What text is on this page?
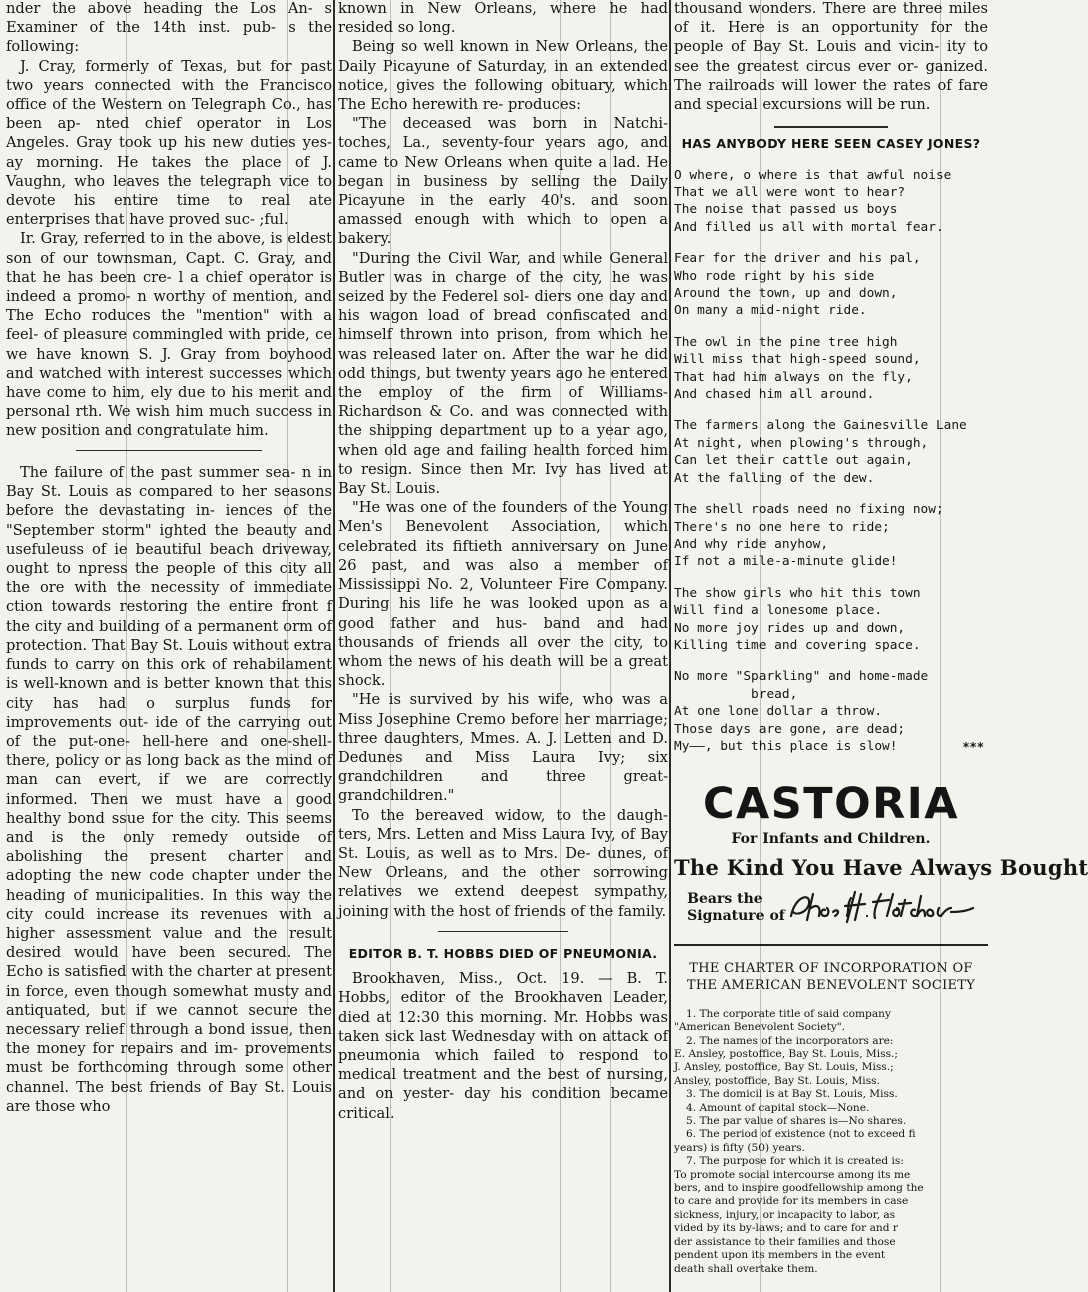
nder the above heading the Los An- s Examiner of the 14th inst. pub- s the following:

J. Cray, formerly of Texas, but for past two years connected with the Francisco office of the Western on Telegraph Co., has been ap- nted chief operator in Los Angeles. Gray took up his new duties yes- ay morning. He takes the place of J. Vaughn, who leaves the telegraph vice to devote his entire time to real ate enterprises that have proved suc- ;ful.

Ir. Gray, referred to in the above, is eldest son of our townsman, Capt. C. Gray, and that he has been cre- l a chief operator is indeed a promo- n worthy of mention, and The Echo roduces the "mention" with a feel- of pleasure commingled with pride, ce we have known S. J. Gray from boyhood and watched with interest successes which have come to him, ely due to his merit and personal rth. We wish him much success in new position and congratulate him.

The failure of the past summer sea- n in Bay St. Louis as compared to her seasons before the devastating in- iences of the "September storm" ighted the beauty and usefuleuss of ie beautiful beach driveway, ought to npress the people of this city all the ore with the necessity of immediate ction towards restoring the entire front f the city and building of a permanent orm of protection. That Bay St. Louis without extra funds to carry on this ork of rehabilament is well-known and is better known that this city has had o surplus funds for improvements out- ide of the carrying out of the put-one- hell-here and one-shell-there, policy or as long back as the mind of man can evert, if we are correctly informed. Then we must have a good healthy bond ssue for the city. This seems and is the only remedy outside of abolishing the present charter and adopting the new code chapter under the heading of municipalities. In this way the city could increase its revenues with a higher assessment value and the result desired would have been secured. The Echo is satisfied with the charter at present in force, even though somewhat musty and antiquated, but if we cannot secure the necessary relief through a bond issue, then the money for repairs and im- provements must be forthcoming through some other channel. The best friends of Bay St. Louis are those who

known in New Orleans, where he had resided so long.

Being so well known in New Orleans, the Daily Picayune of Saturday, in an extended notice, gives the following obituary, which The Echo herewith re- produces:

"The deceased was born in Natchi- toches, La., seventy-four years ago, and came to New Orleans when quite a lad. He began in business by selling the Daily Picayune in the early 40's. and soon amassed enough with which to open a bakery.

"During the Civil War, and while General Butler was in charge of the city, he was seized by the Federel sol- diers one day and his wagon load of bread confiscated and himself thrown into prison, from which he was released later on. After the war he did odd things, but twenty years ago he entered the employ of the firm of Williams- Richardson & Co. and was connected with the shipping department up to a year ago, when old age and failing health forced him to resign. Since then Mr. Ivy has lived at Bay St. Louis.

"He was one of the founders of the Young Men's Benevolent Association, which celebrated its fiftieth anniversary on June 26 past, and was also a member of Mississippi No. 2, Volunteer Fire Company. During his life he was looked upon as a good father and hus- band and had thousands of friends all over the city, to whom the news of his death will be a great shock.

"He is survived by his wife, who was a Miss Josephine Cremo before her marriage; three daughters, Mmes. A. J. Letten and D. Dedunes and Miss Laura Ivy; six grandchildren and three great- grandchildren."

To the bereaved widow, to the daugh- ters, Mrs. Letten and Miss Laura Ivy, of Bay St. Louis, as well as to Mrs. De- dunes, of New Orleans, and the other sorrowing relatives we extend deepest sympathy, joining with the host of friends of the family.

EDITOR B. T. HOBBS DIED OF PNEUMONIA.

Brookhaven, Miss., Oct. 19. — B. T. Hobbs, editor of the Brookhaven Leader, died at 12:30 this morning. Mr. Hobbs was taken sick last Wednesday with on attack of pneumonia which failed to respond to medical treatment and the best of nursing, and on yester- day his condition became critical.

thousand wonders. There are three miles of it. Here is an opportunity for the people of Bay St. Louis and vicin- ity to see the greatest circus ever or- ganized. The railroads will lower the rates of fare and special excursions will be run.

HAS ANYBODY HERE SEEN CASEY JONES?
O where, o where is that awful noise
That we all were wont to hear?
The noise that passed us boys
And filled us all with mortal fear.
Fear for the driver and his pal,
Who rode right by his side
Around the town, up and down,
On many a mid-night ride.
The owl in the pine tree high
Will miss that high-speed sound,
That had him always on the fly,
And chased him all around.
The farmers along the Gainesville Lane
At night, when plowing's through,
Can let their cattle out again,
At the falling of the dew.
The shell roads need no fixing now;
There's no one here to ride;
And why ride anyhow,
If not a mile-a-minute glide!
The show girls who hit this town
Will find a lonesome place.
No more joy rides up and down,
Killing time and covering space.
No more "Sparkling" and home-made
bread,
At one lone dollar a throw.
Those days are gone, are dead;
My——, but this place is slow!	***
CASTORIA
For Infants and Children.
The Kind You Have Always Bought
Bears the
Signature of
THE CHARTER OF INCORPORATION OF
THE AMERICAN BENEVOLENT SOCIETY
1. The corporate title of said company
"American Benevolent Society".
2. The names of the incorporators are:
E. Ansley, postoffice, Bay St. Louis, Miss.;
J. Ansley, postoffice, Bay St. Louis, Miss.;
Ansley, postoffice, Bay St. Louis, Miss.
3. The domicil is at Bay St. Louis, Miss.
4. Amount of capital stock—None.
5. The par value of shares is—No shares.
6. The period of existence (not to exceed fi
years) is fifty (50) years.
7. The purpose for which it is created is:
To promote social intercourse among its me
bers, and to inspire goodfellowship among the
to care and provide for its members in case
sickness, injury, or incapacity to labor, as
vided by its by-laws; and to care for and r
der assistance to their families and those
pendent upon its members in the event
death shall overtake them.
